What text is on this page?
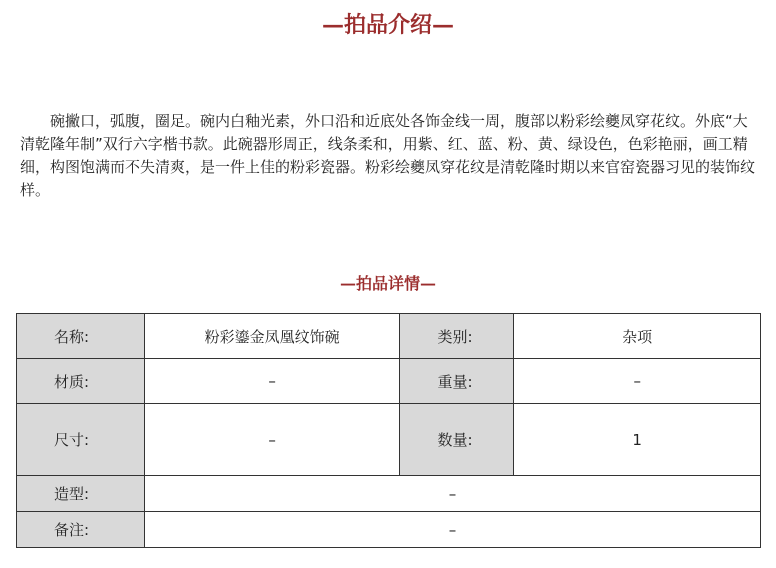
—拍品介绍—

碗撇口，弧腹，圈足。碗内白釉光素，外口沿和近底处各饰金线一周，腹部以粉彩绘夔凤穿花纹。外底“大清乾隆年制”双行六字楷书款。此碗器形周正，线条柔和，用紫、红、蓝、粉、黄、绿设色，色彩艳丽，画工精细，构图饱满而不失清爽，是一件上佳的粉彩瓷器。粉彩绘夔凤穿花纹是清乾隆时期以来官窑瓷器习见的装饰纹样。

—拍品详情—
名称:	粉彩鎏金凤凰纹饰碗	类别:	杂项
材质:	–	重量:	–
尺寸:	–	数量:	1
造型:	–		
备注:	–		
